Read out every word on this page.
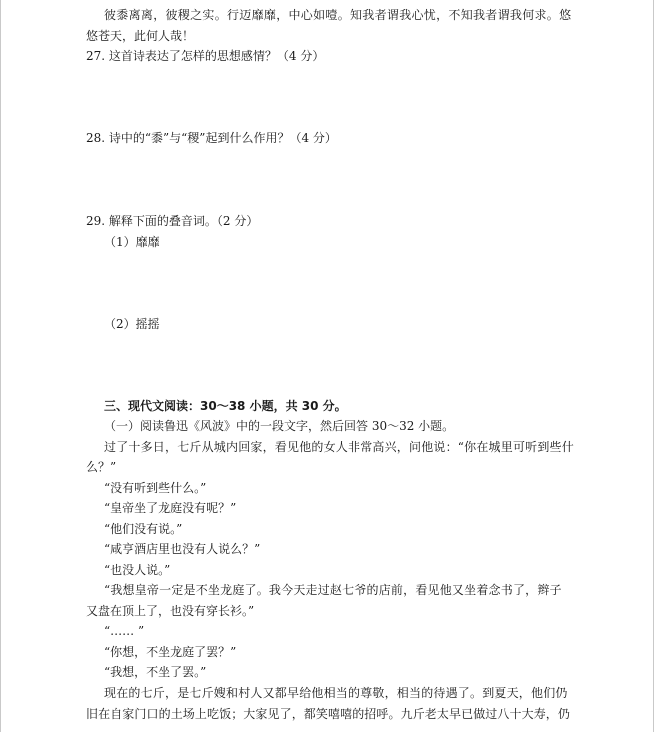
彼黍离离，彼稷之实。行迈靡靡，中心如噎。知我者谓我心忧，不知我者谓我何求。悠
悠苍天，此何人哉！
27. 这首诗表达了怎样的思想感情？（4 分）
28. 诗中的“黍”与“稷”起到什么作用？（4 分）
29. 解释下面的叠音词。（2 分）
（1）靡靡
（2）摇摇
三、现代文阅读：30～38 小题，共 30 分。
（一）阅读鲁迅《风波》中的一段文字，然后回答 30～32 小题。
过了十多日，七斤从城内回家，看见他的女人非常高兴，问他说：“你在城里可听到些什
么？”
“没有听到些什么。”
“皇帝坐了龙庭没有呢？”
“他们没有说。”
“咸亨酒店里也没有人说么？”
“也没人说。”
“我想皇帝一定是不坐龙庭了。我今天走过赵七爷的店前，看见他又坐着念书了，辫子
又盘在顶上了，也没有穿长衫。”
“…… ”
“你想，不坐龙庭了罢？”
“我想，不坐了罢。”
现在的七斤，是七斤嫂和村人又都早给他相当的尊敬，相当的待遇了。到夏天，他们仍
旧在自家门口的土场上吃饭；大家见了，都笑嘻嘻的招呼。九斤老太早已做过八十大寿，仍
